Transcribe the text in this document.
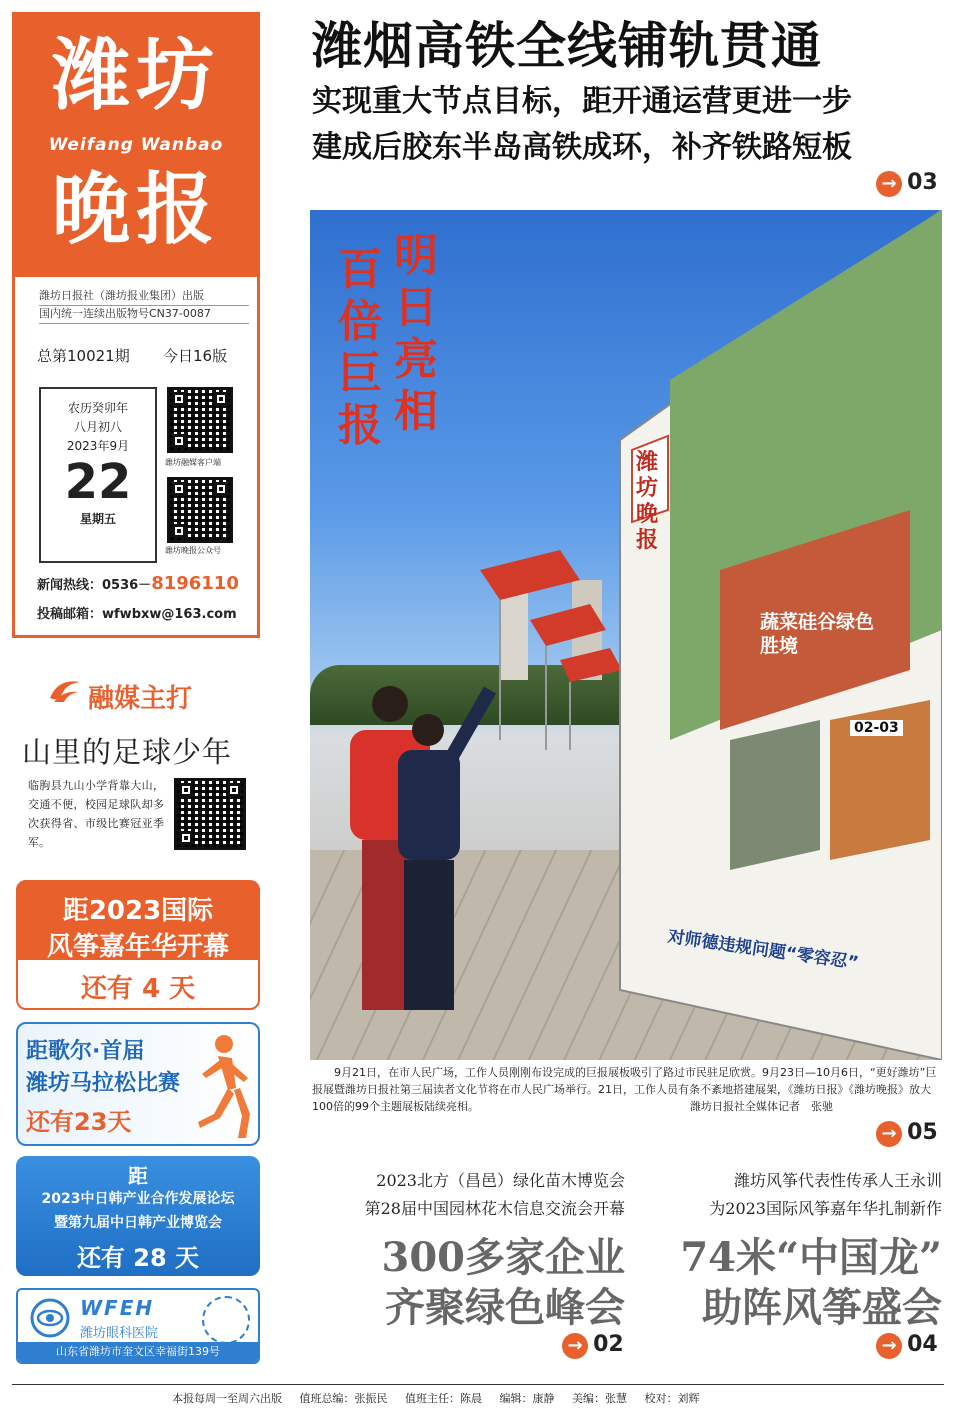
潍坊
Weifang Wanbao
晚报
潍坊日报社（潍坊报业集团）出版
国内统一连续出版物号CN37-0087
总第10021期 今日16版
农历癸卯年
八月初八
2023年9月
22
星期五
潍坊融媒客户端
潍坊晚报公众号
新闻热线：0536－8196110
投稿邮箱：wfwbxw@163.com
融媒主打
山里的足球少年
临朐县九山小学背靠大山，交通不便，校园足球队却多次获得省、市级比赛冠亚季军。
距2023国际
风筝嘉年华开幕
还有 4 天
距歌尔·首届
潍坊马拉松比赛
还有23天
距
2023中日韩产业合作发展论坛
暨第九届中日韩产业博览会
还有 28 天
WFEH
潍坊眼科医院
山东省潍坊市奎文区幸福街139号
潍烟高铁全线铺轨贯通
实现重大节点目标，距开通运营更进一步
建成后胶东半岛高铁成环，补齐铁路短板
→ 03
明日亮相
百倍巨报
潍坊晚报
蔬菜硅谷绿色胜境
02-03
对师德违规问题“零容忍”
9月21日，在市人民广场，工作人员刚刚布设完成的巨报展板吸引了路过市民驻足欣赏。9月23日—10月6日，“更好潍坊”巨报展暨潍坊日报社第三届读者文化节将在市人民广场举行。21日，工作人员有条不紊地搭建展架，《潍坊日报》《潍坊晚报》放大100倍的99个主题展板陆续亮相。	潍坊日报社全媒体记者　张驰
→ 05
2023北方（昌邑）绿化苗木博览会
第28届中国园林花木信息交流会开幕
300多家企业
齐聚绿色峰会
→ 02
潍坊风筝代表性传承人王永训
为2023国际风筝嘉年华扎制新作
74米“中国龙”
助阵风筝盛会
→ 04
本报每周一至周六出版 值班总编：张振民 值班主任：陈晨 编辑：康静 美编：张慧 校对：刘辉
